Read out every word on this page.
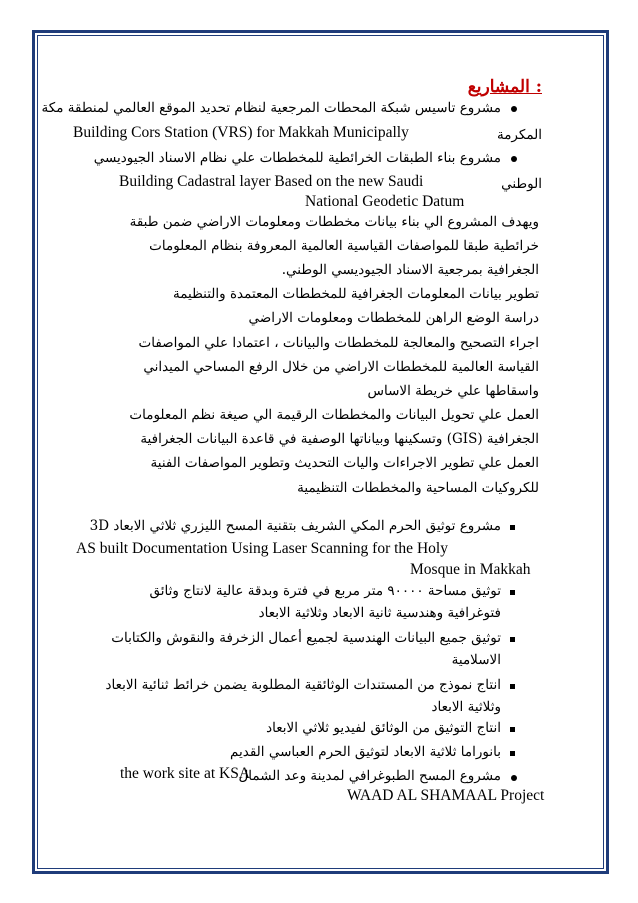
: المشاريع
مشروع تاسيس شبكة المحطات المرجعية لنظام تحديد الموقع العالمي لمنطقة مكة
المكرمة
Building Cors Station (VRS) for Makkah Municipally
مشروع بناء الطبقات الخرائطية للمخططات علي نظام الاسناد الجيوديسي
الوطني
Building Cadastral layer Based on the new Saudi
National Geodetic Datum
ويهدف المشروع الي بناء بيانات مخططات ومعلومات الاراضي ضمن طبقة
خرائطية طبقا للمواصفات القياسية العالمية المعروفة بنظام المعلومات
الجغرافية بمرجعية الاسناد الجيوديسي الوطني.
تطوير بيانات المعلومات الجغرافية للمخططات المعتمدة والتنظيمة
دراسة الوضع الراهن للمخططات ومعلومات الاراضي
اجراء التصحيح والمعالجة للمخططات والبيانات ، اعتمادا علي المواصفات
القياسة العالمية للمخططات الاراضي من خلال الرفع المساحي الميداني
واسقاطها علي خريطة الاساس
العمل علي تحويل البيانات والمخططات الرقيمة الي صيغة نظم المعلومات
الجغرافية (GIS) وتسكينها وبياناتها الوصفية في قاعدة البيانات الجغرافية
العمل علي تطوير الاجراءات واليات التحديث وتطوير المواصفات الفنية
للكروكيات المساحية والمخططات التنظيمية
مشروع توثيق الحرم المكي الشريف بتقنية المسح الليزري ثلاثي الابعاد 3D
AS built Documentation Using Laser Scanning for the Holy
Mosque in Makkah
توثيق مساحة ٩٠٠٠٠ متر مربع في فترة وبدقة عالية لانتاج وثائق
فتوغرافية وهندسية ثانية الابعاد وثلاثية الابعاد
توثيق جميع البيانات الهندسية لجميع أعمال الزخرفة والنقوش والكتابات
الاسلامية
انتاج نموذج من المستندات الوثائقية المطلوبة يضمن خرائط ثنائية الابعاد
وثلاثية الابعاد
انتاج التوثيق من الوثائق لفيديو ثلاثي الابعاد
بانوراما ثلاثية الابعاد لتوثيق الحرم العباسي القديم
مشروع المسح الطبوغرافي لمدينة وعد الشمال
the work site at KSA
WAAD AL SHAMAAL Project
